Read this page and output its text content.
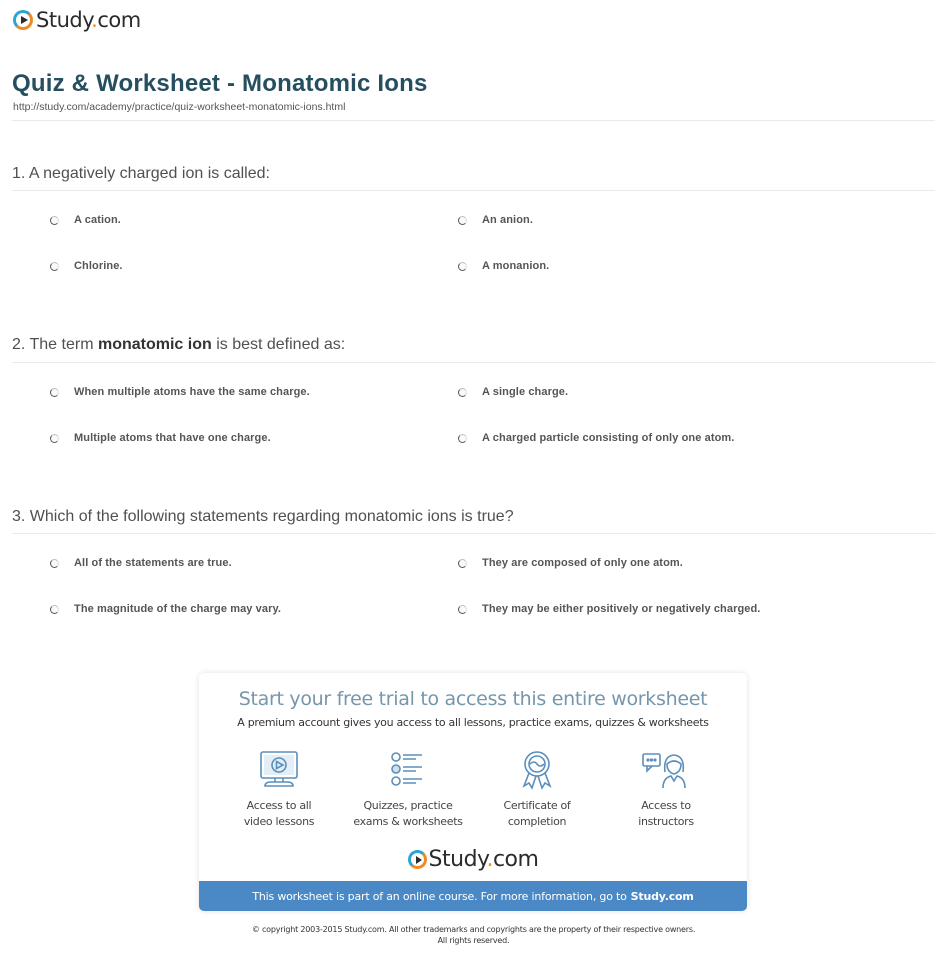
Study.com
Quiz & Worksheet - Monatomic Ions
http://study.com/academy/practice/quiz-worksheet-monatomic-ions.html
1. A negatively charged ion is called:
A cation.	An anion.
Chlorine.	A monanion.
2. The term monatomic ion is best defined as:
When multiple atoms have the same charge.	A single charge.
Multiple atoms that have one charge.	A charged particle consisting of only one atom.
3. Which of the following statements regarding monatomic ions is true?
All of the statements are true.	They are composed of only one atom.
The magnitude of the charge may vary.	They may be either positively or negatively charged.
Start your free trial to access this entire worksheet
A premium account gives you access to all lessons, practice exams, quizzes & worksheets
Access to all
video lessons
Quizzes, practice
exams & worksheets
Certificate of
completion
Access to
instructors
Study.com
This worksheet is part of an online course. For more information, go to Study.com
© copyright 2003-2015 Study.com. All other trademarks and copyrights are the property of their respective owners.
All rights reserved.
